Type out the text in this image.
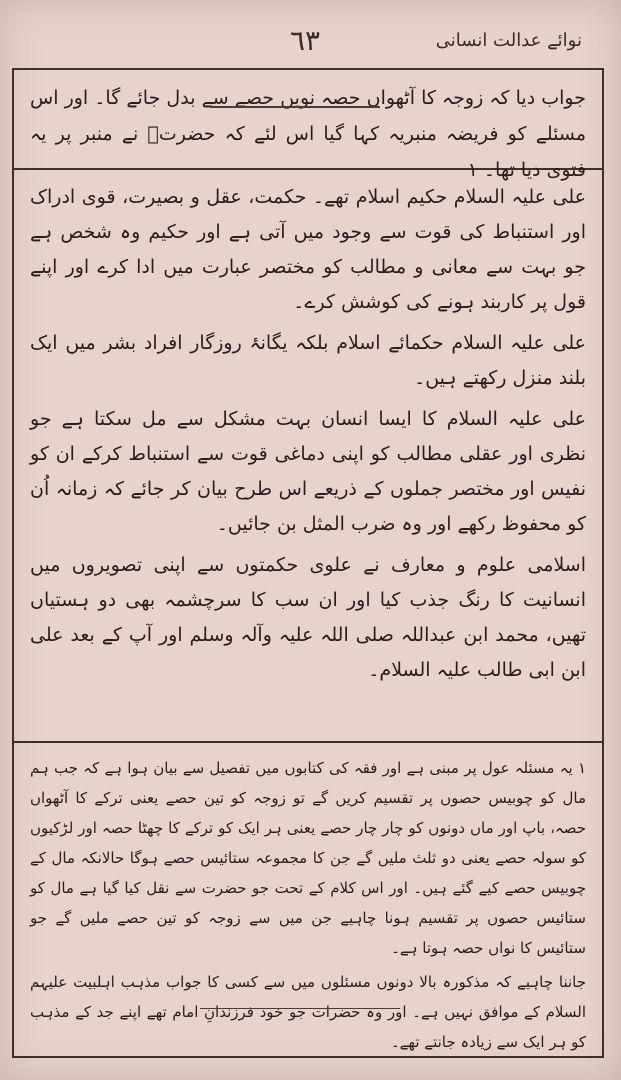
٦٣	نوائے عدالت انسانی

جواب دیا کہ زوجہ کا آٹھواں حصہ نویں حصے سے بدل جائے گا۔ اور اس مسئلے کو فریضہ منبریہ کہا گیا اس لئے کہ حضرتؑ نے منبر پر یہ فتوی دیا تھا۔ ۱

علی علیہ السلام حکیم اسلام تھے۔ حکمت، عقل و بصیرت، قوی ادراک اور استنباط کی قوت سے وجود میں آتی ہے اور حکیم وہ شخص ہے جو بہت سے معانی و مطالب کو مختصر عبارت میں ادا کرے اور اپنے قول پر کاربند ہونے کی کوشش کرے۔

علی علیہ السلام حکمائے اسلام بلکہ یگانۂ روزگار افراد بشر میں ایک بلند منزل رکھتے ہیں۔

علی علیہ السلام کا ایسا انسان بہت مشکل سے مل سکتا ہے جو نظری اور عقلی مطالب کو اپنی دماغی قوت سے استنباط کرکے ان کو نفیس اور مختصر جملوں کے ذریعے اس طرح بیان کر جائے کہ زمانہ اُن کو محفوظ رکھے اور وہ ضرب المثل بن جائیں۔

اسلامی علوم و معارف نے علوی حکمتوں سے اپنی تصویروں میں انسانیت کا رنگ جذب کیا اور ان سب کا سرچشمہ بھی دو ہستیاں تھیں، محمد ابن عبداللہ صلی اللہ علیہ وآلہ وسلم اور آپ کے بعد علی ابن ابی طالب علیہ السلام۔

۱ یہ مسئلہ عول پر مبنی ہے اور فقہ کی کتابوں میں تفصیل سے بیان ہوا ہے کہ جب ہم مال کو چوبیس حصوں پر تقسیم کریں گے تو زوجہ کو تین حصے یعنی ترکے کا آٹھواں حصہ، باپ اور ماں دونوں کو چار چار حصے یعنی ہر ایک کو ترکے کا چھٹا حصہ اور لڑکیوں کو سولہ حصے یعنی دو ثلث ملیں گے جن کا مجموعہ ستائیس حصے ہوگا حالانکہ مال کے چوبیس حصے کیے گئے ہیں۔ اور اس کلام کے تحت جو حضرت سے نقل کیا گیا ہے مال کو ستائیس حصوں پر تقسیم ہونا چاہیے جن میں سے زوجہ کو تین حصے ملیں گے جو ستائیس کا نواں حصہ ہوتا ہے۔

جاننا چاہیے کہ مذکورہ بالا دونوں مسئلوں میں سے کسی کا جواب مذہب اہلبیت علیہم السلام کے موافق نہیں ہے۔ اور وہ حضرات جو خود فرزندانِ امام تھے اپنے جد کے مذہب کو ہر ایک سے زیادہ جانتے تھے۔
